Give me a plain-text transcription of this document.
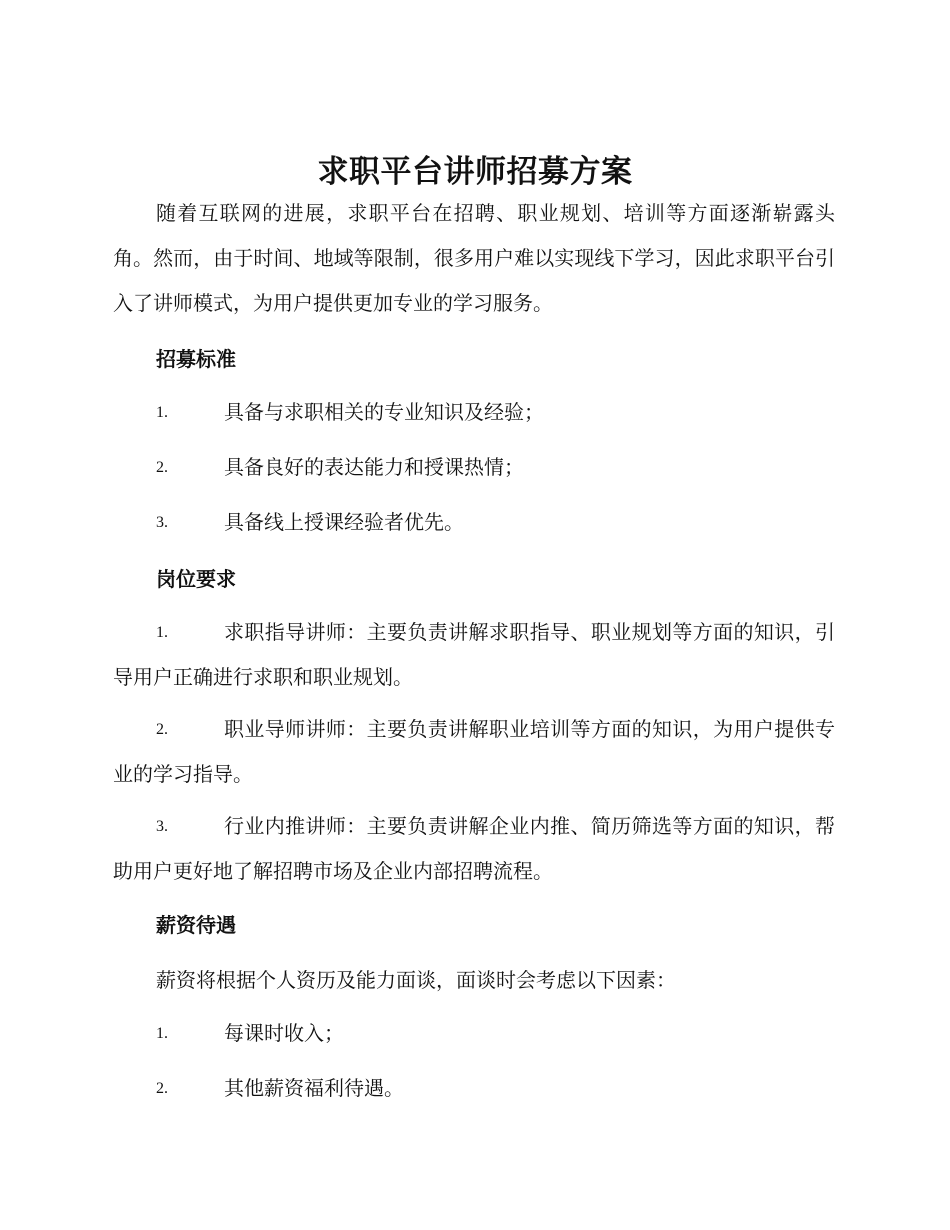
求职平台讲师招募方案
随着互联网的进展，求职平台在招聘、职业规划、培训等方面逐渐崭露头角。然而，由于时间、地域等限制，很多用户难以实现线下学习，因此求职平台引入了讲师模式，为用户提供更加专业的学习服务。
招募标准
1.	具备与求职相关的专业知识及经验；
2.	具备良好的表达能力和授课热情；
3.	具备线上授课经验者优先。
岗位要求
1.	求职指导讲师：主要负责讲解求职指导、职业规划等方面的知识，引导用户正确进行求职和职业规划。
2.	职业导师讲师：主要负责讲解职业培训等方面的知识，为用户提供专业的学习指导。
3.	行业内推讲师：主要负责讲解企业内推、简历筛选等方面的知识，帮助用户更好地了解招聘市场及企业内部招聘流程。
薪资待遇
薪资将根据个人资历及能力面谈，面谈时会考虑以下因素：
1.	每课时收入；
2.	其他薪资福利待遇。
